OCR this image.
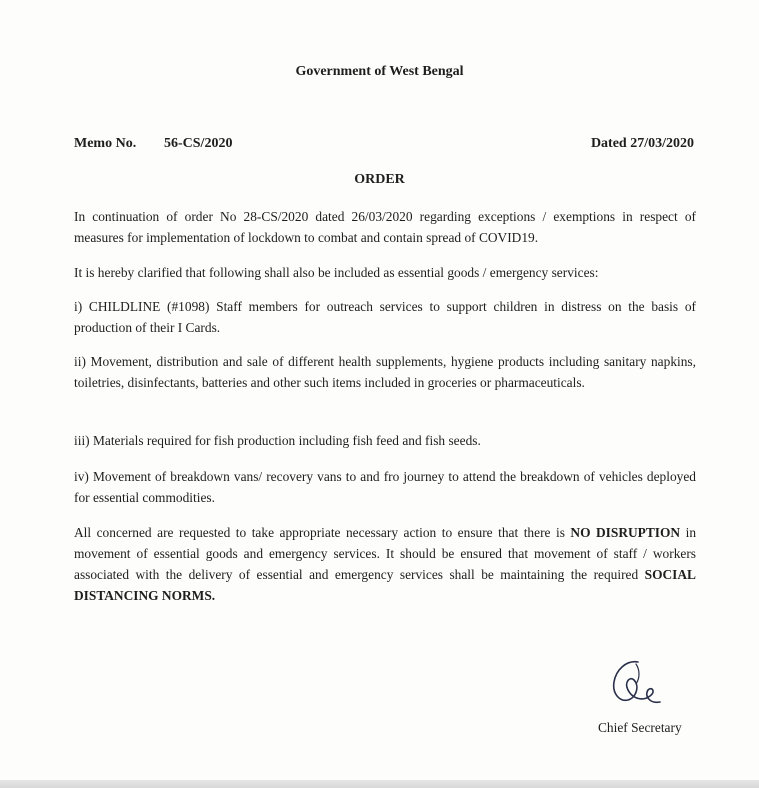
Government of West Bengal
Memo No. 56-CS/2020	Dated 27/03/2020
ORDER
In continuation of order No 28-CS/2020 dated 26/03/2020 regarding exceptions / exemptions in respect of measures for implementation of lockdown to combat and contain spread of COVID19.
It is hereby clarified that following shall also be included as essential goods / emergency services:
i) CHILDLINE (#1098) Staff members for outreach services to support children in distress on the basis of production of their I Cards.
ii) Movement, distribution and sale of different health supplements, hygiene products including sanitary napkins, toiletries, disinfectants, batteries and other such items included in groceries or pharmaceuticals.
iii) Materials required for fish production including fish feed and fish seeds.
iv) Movement of breakdown vans/ recovery vans to and fro journey to attend the breakdown of vehicles deployed for essential commodities.
All concerned are requested to take appropriate necessary action to ensure that there is NO DISRUPTION in movement of essential goods and emergency services. It should be ensured that movement of staff / workers associated with the delivery of essential and emergency services shall be maintaining the required SOCIAL DISTANCING NORMS.
Chief Secretary
